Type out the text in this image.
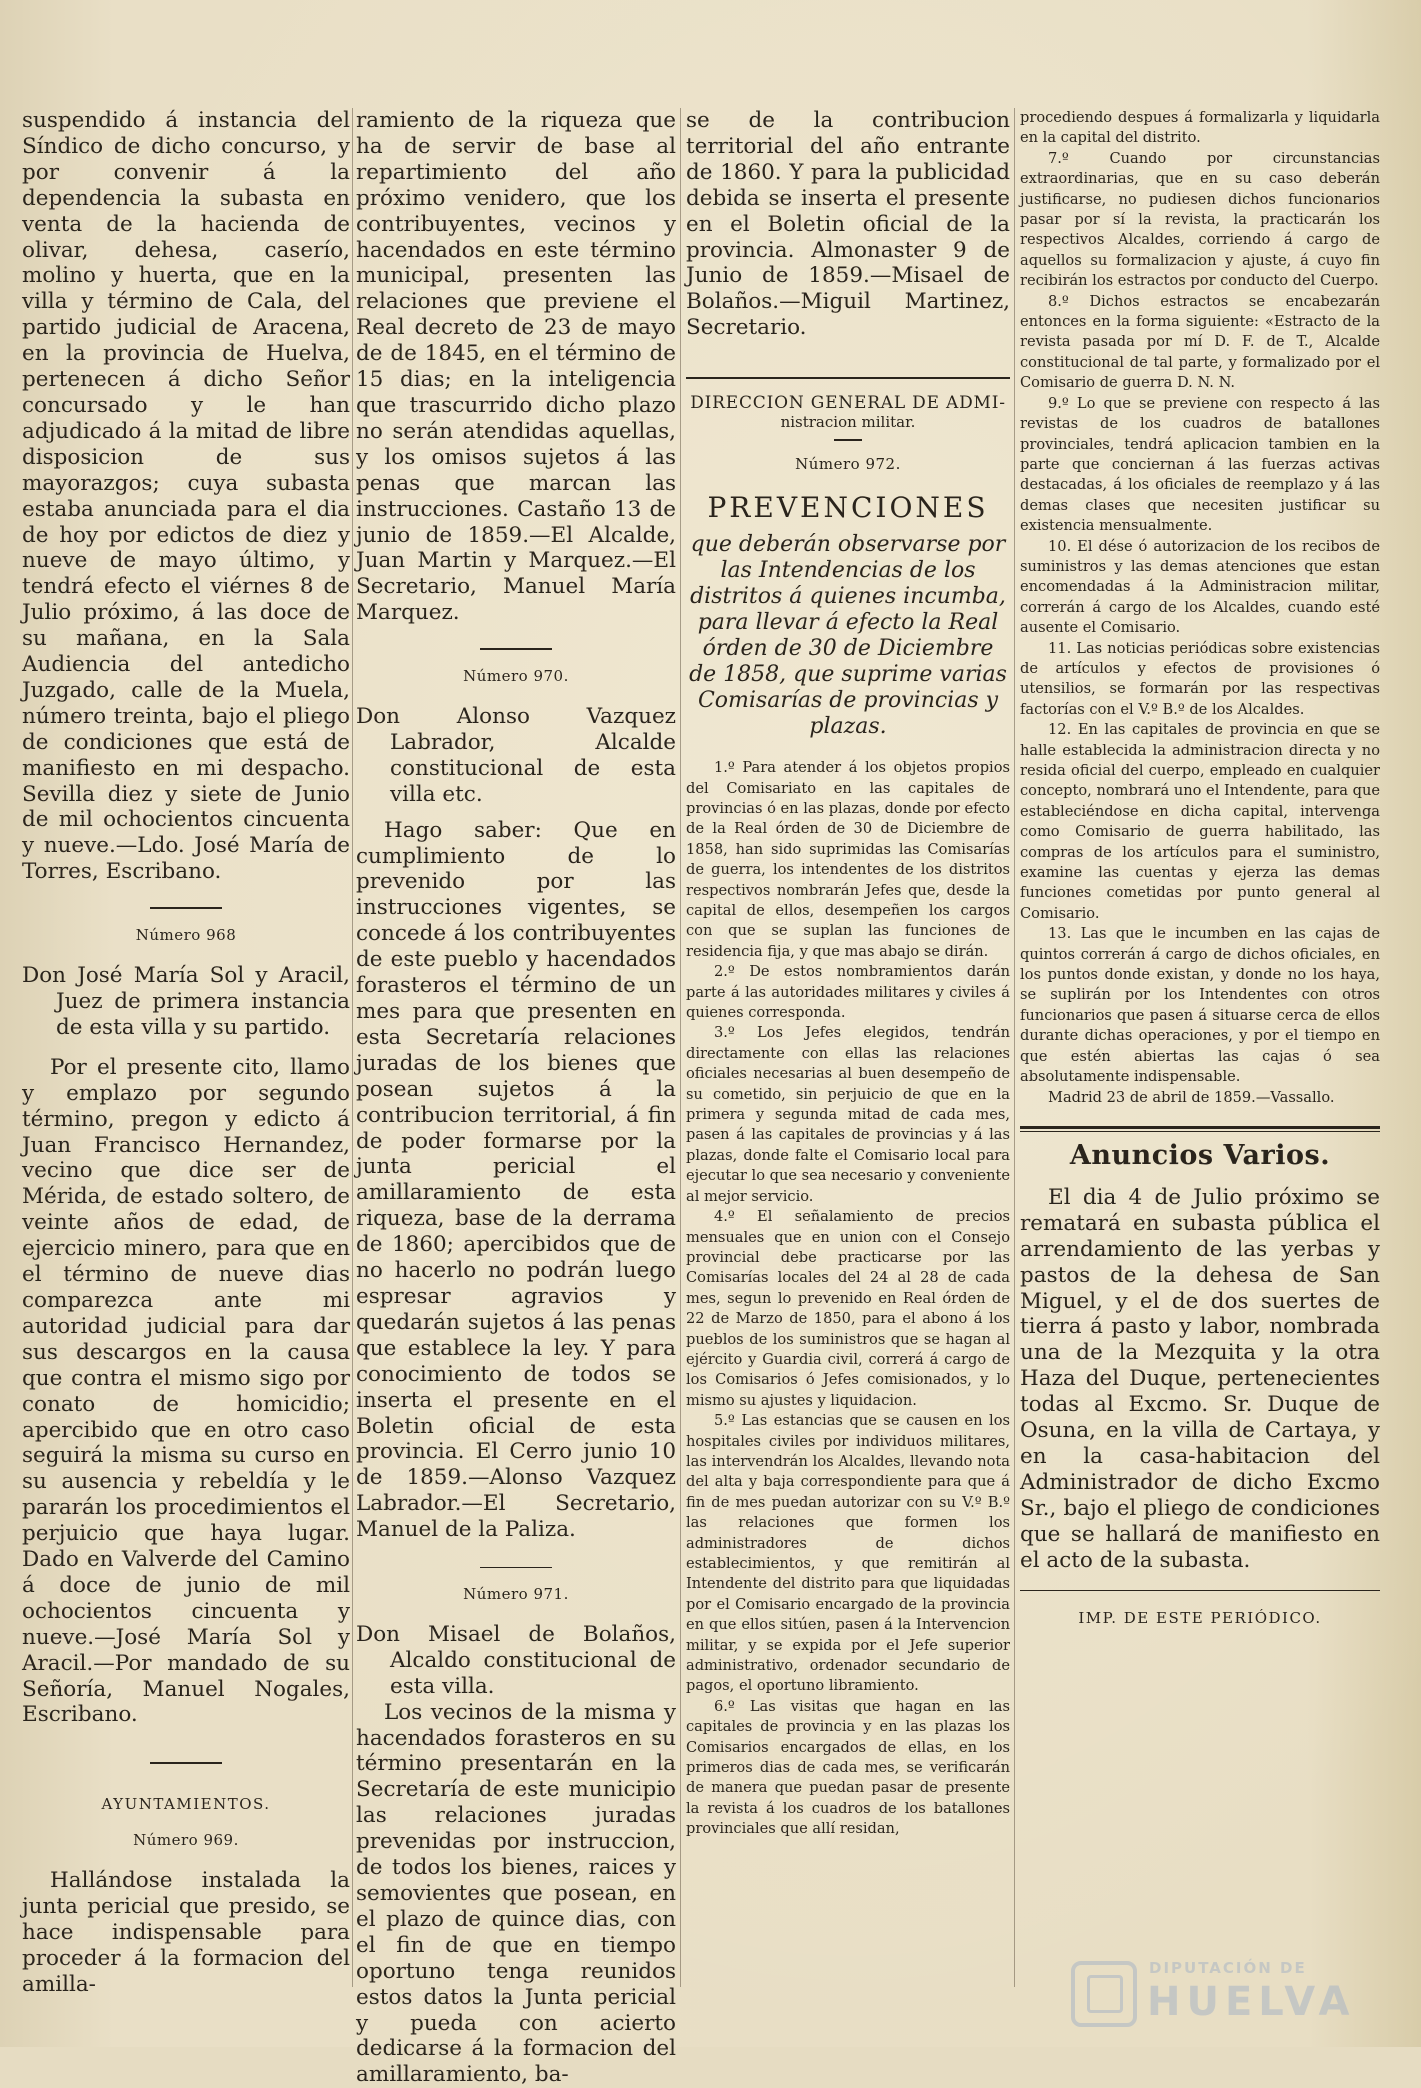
suspendido á instancia del Síndico de dicho concurso, y por convenir á la dependencia la subasta en venta de la hacienda de olivar, dehesa, caserío, molino y huerta, que en la villa y término de Cala, del partido judicial de Aracena, en la provincia de Huelva, pertenecen á dicho Señor concursado y le han adjudicado á la mitad de libre disposicion de sus mayorazgos; cuya subasta estaba anunciada para el dia de hoy por edictos de diez y nueve de mayo último, y tendrá efecto el viérnes 8 de Julio próximo, á las doce de su mañana, en la Sala Audiencia del antedicho Juzgado, calle de la Muela, número treinta, bajo el pliego de condiciones que está de manifiesto en mi despacho. Sevilla diez y siete de Junio de mil ochocientos cincuenta y nueve.—Ldo. José María de Torres, Escribano.

Número 968

Don José María Sol y Aracil, Juez de primera instancia de esta villa y su partido.

Por el presente cito, llamo y emplazo por segundo término, pregon y edicto á Juan Francisco Hernandez, vecino que dice ser de Mérida, de estado soltero, de veinte años de edad, de ejercicio minero, para que en el término de nueve dias comparezca ante mi autoridad judicial para dar sus descargos en la causa que contra el mismo sigo por conato de homicidio; apercibido que en otro caso seguirá la misma su curso en su ausencia y rebeldía y le pararán los procedimientos el perjuicio que haya lugar. Dado en Valverde del Camino á doce de junio de mil ochocientos cincuenta y nueve.—José María Sol y Aracil.—Por mandado de su Señoría, Manuel Nogales, Escribano.

AYUNTAMIENTOS.
Número 969.

Hallándose instalada la junta pericial que presido, se hace indispensable para proceder á la formacion del amilla-

ramiento de la riqueza que ha de servir de base al repartimiento del año próximo venidero, que los contribuyentes, vecinos y hacendados en este término municipal, presenten las relaciones que previene el Real decreto de 23 de mayo de de 1845, en el término de 15 dias; en la inteligencia que trascurrido dicho plazo no serán atendidas aquellas, y los omisos sujetos á las penas que marcan las instrucciones. Castaño 13 de junio de 1859.—El Alcalde, Juan Martin y Marquez.—El Secretario, Manuel María Marquez.

Número 970.

Don Alonso Vazquez Labrador, Alcalde constitucional de esta villa etc.

Hago saber: Que en cumplimiento de lo prevenido por las instrucciones vigentes, se concede á los contribuyentes de este pueblo y hacendados forasteros el término de un mes para que presenten en esta Secretaría relaciones juradas de los bienes que posean sujetos á la contribucion territorial, á fin de poder formarse por la junta pericial el amillaramiento de esta riqueza, base de la derrama de 1860; apercibidos que de no hacerlo no podrán luego espresar agravios y quedarán sujetos á las penas que establece la ley. Y para conocimiento de todos se inserta el presente en el Boletin oficial de esta provincia. El Cerro junio 10 de 1859.—Alonso Vazquez Labrador.—El Secretario, Manuel de la Paliza.

Número 971.

Don Misael de Bolaños, Alcaldo constitucional de esta villa.

Los vecinos de la misma y hacendados forasteros en su término presentarán en la Secretaría de este municipio las relaciones juradas prevenidas por instruccion, de todos los bienes, raices y semovientes que posean, en el plazo de quince dias, con el fin de que en tiempo oportuno tenga reunidos estos datos la Junta pericial y pueda con acierto dedicarse á la formacion del amillaramiento, ba-

se de la contribucion territorial del año entrante de 1860. Y para la publicidad debida se inserta el presente en el Boletin oficial de la provincia. Almonaster 9 de Junio de 1859.—Misael de Bolaños.—Miguil Martinez, Secretario.

DIRECCION GENERAL DE ADMI-
nistracion militar.
Número 972.
PREVENCIONES
que deberán observarse por las Intendencias de los distritos á quienes incumba, para llevar á efecto la Real órden de 30 de Diciembre de 1858, que suprime varias Comisarías de provincias y plazas.

1.º Para atender á los objetos propios del Comisariato en las capitales de provincias ó en las plazas, donde por efecto de la Real órden de 30 de Diciembre de 1858, han sido suprimidas las Comisarías de guerra, los intendentes de los distritos respectivos nombrarán Jefes que, desde la capital de ellos, desempeñen los cargos con que se suplan las funciones de residencia fija, y que mas abajo se dirán.

2.º De estos nombramientos darán parte á las autoridades militares y civiles á quienes corresponda.

3.º Los Jefes elegidos, tendrán directamente con ellas las relaciones oficiales necesarias al buen desempeño de su cometido, sin perjuicio de que en la primera y segunda mitad de cada mes, pasen á las capitales de provincias y á las plazas, donde falte el Comisario local para ejecutar lo que sea necesario y conveniente al mejor servicio.

4.º El señalamiento de precios mensuales que en union con el Consejo provincial debe practicarse por las Comisarías locales del 24 al 28 de cada mes, segun lo prevenido en Real órden de 22 de Marzo de 1850, para el abono á los pueblos de los suministros que se hagan al ejército y Guardia civil, correrá á cargo de los Comisarios ó Jefes comisionados, y lo mismo su ajustes y liquidacion.

5.º Las estancias que se causen en los hospitales civiles por individuos militares, las intervendrán los Alcaldes, llevando nota del alta y baja correspondiente para que á fin de mes puedan autorizar con su V.º B.º las relaciones que formen los administradores de dichos establecimientos, y que remitirán al Intendente del distrito para que liquidadas por el Comisario encargado de la provincia en que ellos sitúen, pasen á la Intervencion militar, y se expida por el Jefe superior administrativo, ordenador secundario de pagos, el oportuno libramiento.

6.º Las visitas que hagan en las capitales de provincia y en las plazas los Comisarios encargados de ellas, en los primeros dias de cada mes, se verificarán de manera que puedan pasar de presente la revista á los cuadros de los batallones provinciales que allí residan,

procediendo despues á formalizarla y liquidarla en la capital del distrito.

7.º Cuando por circunstancias extraordinarias, que en su caso deberán justificarse, no pudiesen dichos funcionarios pasar por sí la revista, la practicarán los respectivos Alcaldes, corriendo á cargo de aquellos su formalizacion y ajuste, á cuyo fin recibirán los estractos por conducto del Cuerpo.

8.º Dichos estractos se encabezarán entonces en la forma siguiente: «Estracto de la revista pasada por mí D. F. de T., Alcalde constitucional de tal parte, y formalizado por el Comisario de guerra D. N. N.

9.º Lo que se previene con respecto á las revistas de los cuadros de batallones provinciales, tendrá aplicacion tambien en la parte que conciernan á las fuerzas activas destacadas, á los oficiales de reemplazo y á las demas clases que necesiten justificar su existencia mensualmente.

10. El dése ó autorizacion de los recibos de suministros y las demas atenciones que estan encomendadas á la Administracion militar, correrán á cargo de los Alcaldes, cuando esté ausente el Comisario.

11. Las noticias periódicas sobre existencias de artículos y efectos de provisiones ó utensilios, se formarán por las respectivas factorías con el V.º B.º de los Alcaldes.

12. En las capitales de provincia en que se halle establecida la administracion directa y no resida oficial del cuerpo, empleado en cualquier concepto, nombrará uno el Intendente, para que estableciéndose en dicha capital, intervenga como Comisario de guerra habilitado, las compras de los artículos para el suministro, examine las cuentas y ejerza las demas funciones cometidas por punto general al Comisario.

13. Las que le incumben en las cajas de quintos correrán á cargo de dichos oficiales, en los puntos donde existan, y donde no los haya, se suplirán por los Intendentes con otros funcionarios que pasen á situarse cerca de ellos durante dichas operaciones, y por el tiempo en que estén abiertas las cajas ó sea absolutamente indispensable.

Madrid 23 de abril de 1859.—Vassallo.

Anuncios Varios.

El dia 4 de Julio próximo se rematará en subasta pública el arrendamiento de las yerbas y pastos de la dehesa de San Miguel, y el de dos suertes de tierra á pasto y labor, nombrada una de la Mezquita y la otra Haza del Duque, pertenecientes todas al Excmo. Sr. Duque de Osuna, en la villa de Cartaya, y en la casa-habitacion del Administrador de dicho Excmo Sr., bajo el pliego de condiciones que se hallará de manifiesto en el acto de la subasta.

IMP. DE ESTE PERIÓDICO.
DIPUTACIÓN DE
HUELVA
